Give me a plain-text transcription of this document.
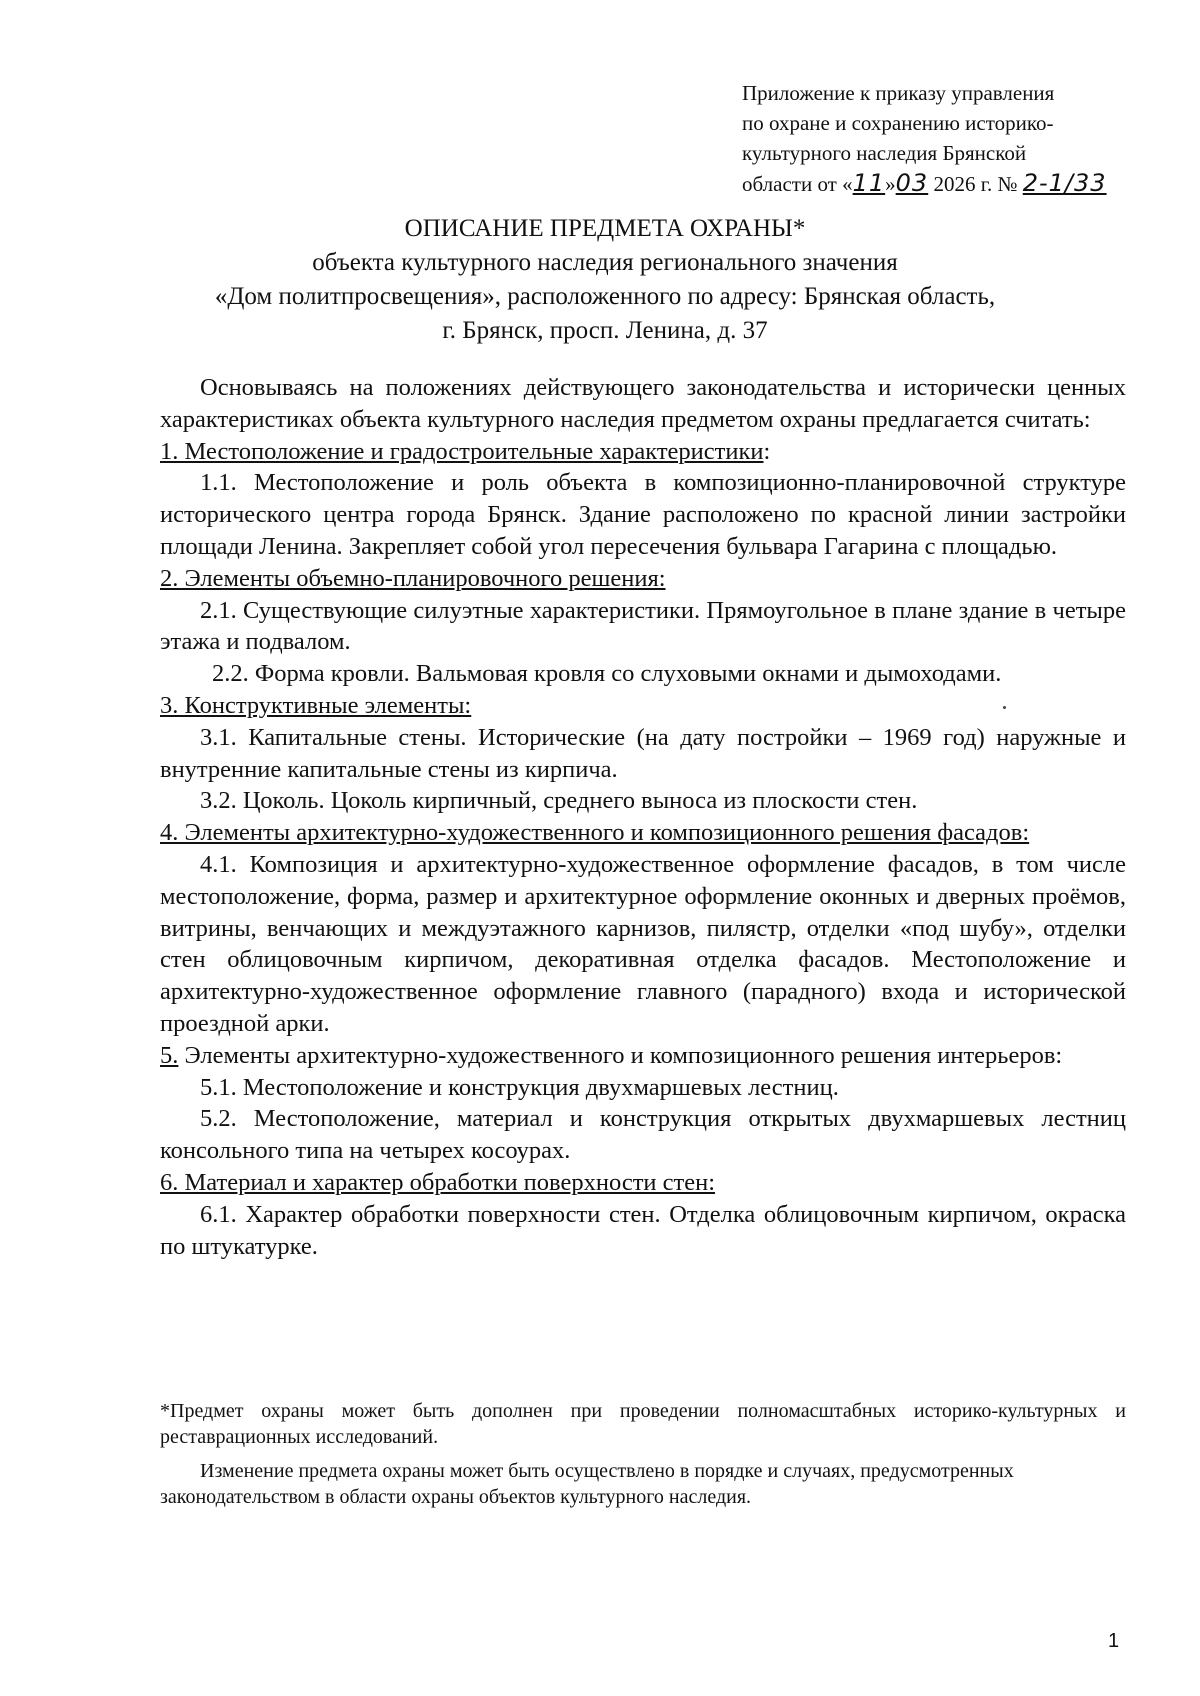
Приложение к приказу управления
по охране и сохранению историко-
культурного наследия Брянской
области от «11»03 2026 г. № 2-1/33
ОПИСАНИЕ ПРЕДМЕТА ОХРАНЫ*
объекта культурного наследия регионального значения
«Дом политпросвещения», расположенного по адресу: Брянская область,
г. Брянск, просп. Ленина, д. 37

Основываясь на положениях действующего законодательства и исторически ценных характеристиках объекта культурного наследия предметом охраны предлагается считать:

1. Местоположение и градостроительные характеристики:

1.1. Местоположение и роль объекта в композиционно-планировочной структуре исторического центра города Брянск. Здание расположено по красной линии застройки площади Ленина. Закрепляет собой угол пересечения бульвара Гагарина с площадью.

2. Элементы объемно-планировочного решения:

2.1. Существующие силуэтные характеристики. Прямоугольное в плане здание в четыре этажа и подвалом.

2.2. Форма кровли. Вальмовая кровля со слуховыми окнами и дымоходами.

3. Конструктивные элементы:

3.1. Капитальные стены. Исторические (на дату постройки – 1969 год) наружные и внутренние капитальные стены из кирпича.

3.2. Цоколь. Цоколь кирпичный, среднего выноса из плоскости стен.

4. Элементы архитектурно-художественного и композиционного решения фасадов:

4.1. Композиция и архитектурно-художественное оформление фасадов, в том числе местоположение, форма, размер и архитектурное оформление оконных и дверных проёмов, витрины, венчающих и междуэтажного карнизов, пилястр, отделки «под шубу», отделки стен облицовочным кирпичом, декоративная отделка фасадов. Местоположение и архитектурно-художественное оформление главного (парадного) входа и исторической проездной арки.

5. Элементы архитектурно-художественного и композиционного решения интерьеров:

5.1. Местоположение и конструкция двухмаршевых лестниц.

5.2. Местоположение, материал и конструкция открытых двухмаршевых лестниц консольного типа на четырех косоурах.

6. Материал и характер обработки поверхности стен:

6.1. Характер обработки поверхности стен. Отделка облицовочным кирпичом, окраска по штукатурке.

*Предмет охраны может быть дополнен при проведении полномасштабных историко-культурных и реставрационных исследований.

Изменение предмета охраны может быть осуществлено в порядке и случаях, предусмотренных законодательством в области охраны объектов культурного наследия.

1
